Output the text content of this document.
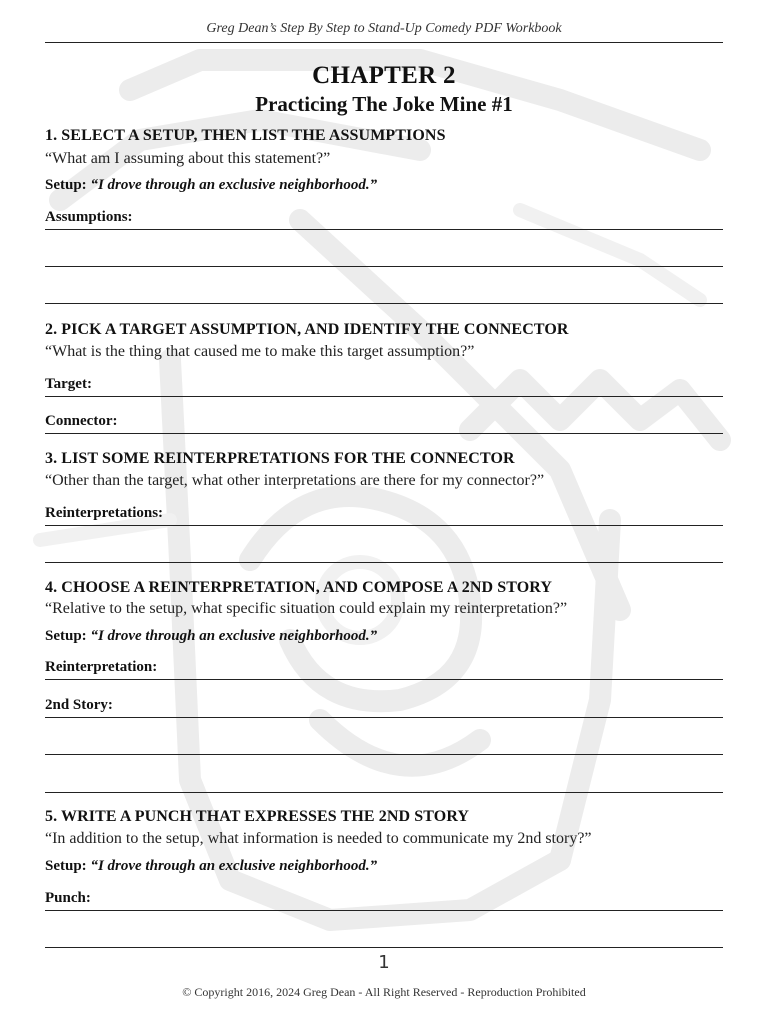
Greg Dean’s Step By Step to Stand-Up Comedy PDF Workbook
CHAPTER 2
Practicing The Joke Mine #1
1. SELECT A SETUP, THEN LIST THE ASSUMPTIONS
“What am I assuming about this statement?”
Setup: “I drove through an exclusive neighborhood.”
Assumptions:
2. PICK A TARGET ASSUMPTION, AND IDENTIFY THE CONNECTOR
“What is the thing that caused me to make this target assumption?”
Target:
Connector:
3. LIST SOME REINTERPRETATIONS FOR THE CONNECTOR
“Other than the target, what other interpretations are there for my connector?”
Reinterpretations:
4. CHOOSE A REINTERPRETATION, AND COMPOSE A 2ND STORY
“Relative to the setup, what specific situation could explain my reinterpretation?”
Setup: “I drove through an exclusive neighborhood.”
Reinterpretation:
2nd Story:
5. WRITE A PUNCH THAT EXPRESSES THE 2ND STORY
“In addition to the setup, what information is needed to communicate my 2nd story?”
Setup: “I drove through an exclusive neighborhood.”
Punch:
1
© Copyright 2016, 2024 Greg Dean - All Right Reserved - Reproduction Prohibited
